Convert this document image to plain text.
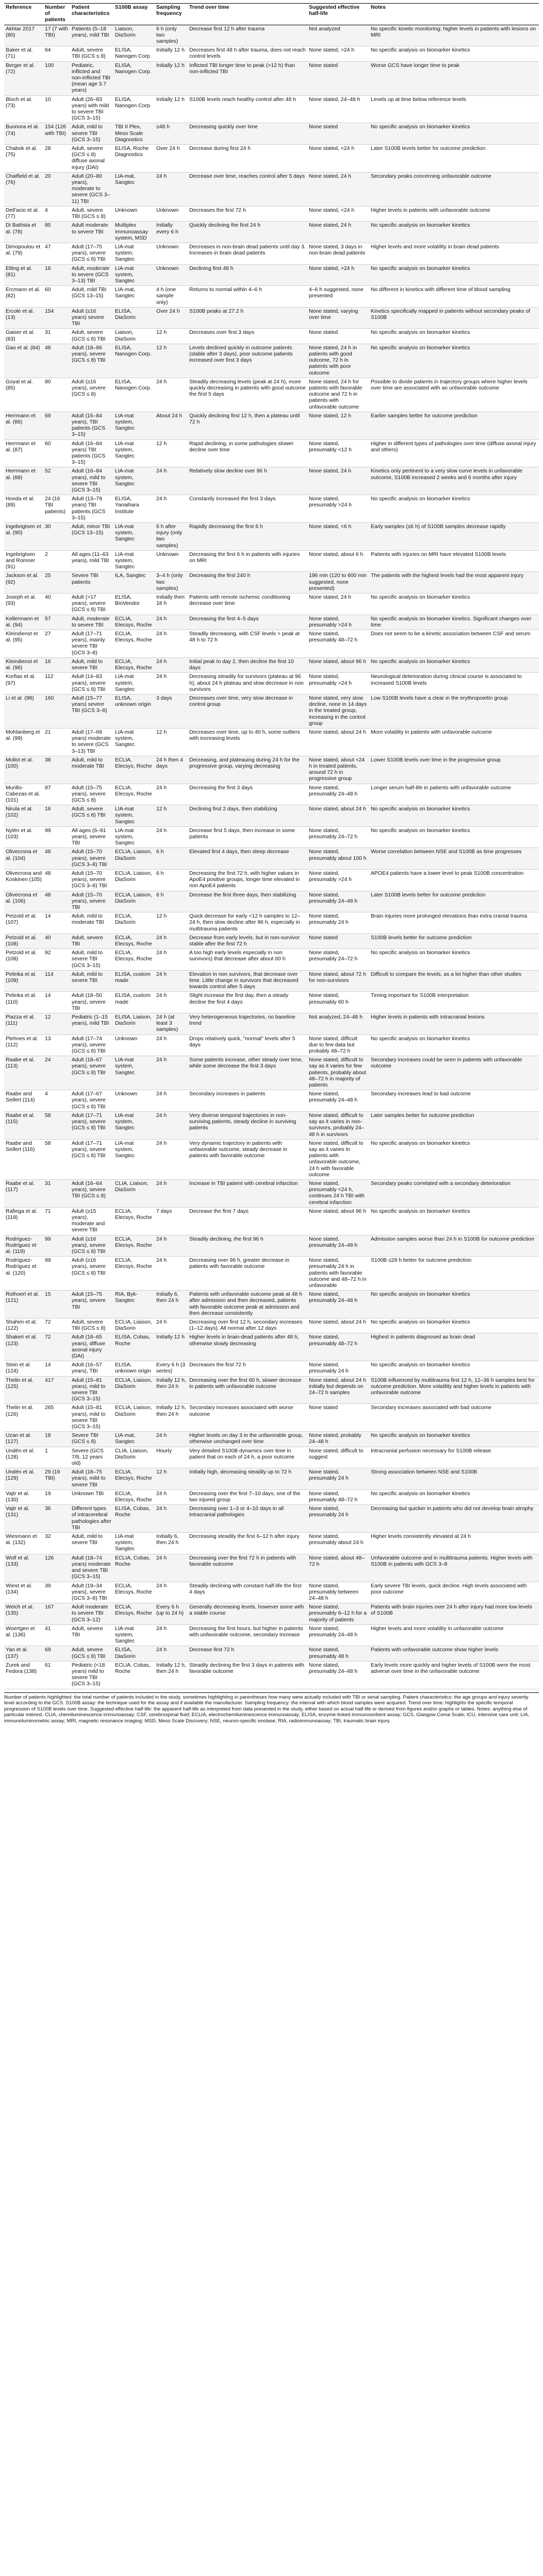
Reference	Number of patients	Patient characteristics	S100B assay	Sampling frequency	Trend over time	Suggested effective half-life	Notes
Akhtar 2017 (80)	17 (7 with TBI)	Patients (5–18 years), mild TBI	Liaison, DiaSorin	6 h (only two samples)	Decrease first 12 h after trauma	Not analyzed	No specific kinetic monitoring; higher levels in patients with lesions on MRI
Baker et al. (71)	64	Adult, severe TBI (GCS ≤ 8)	ELISA, Nanogen Corp.	Initially 12 h	Decreases first 48 h after trauma, does not reach control levels	None stated, >24 h	No specific analysis on biomarker kinetics
Berger et al. (72)	100	Pediatric, inflicted and non-inflicted TBI (mean age 3.7 years)	ELISA, Nanogen Corp.	Initially 12 h	Inflicted TBI longer time to peak (>12 h) than non-inflicted TBI	None stated	Worse GCS have longer time to peak
Bloch et al. (73)	10	Adult (26–83 years) with mild to severe TBI (GCS 3–15)	ELISA, Nanogen Corp.	Initially 12 h	S100B levels reach healthy control after 48 h	None stated, 24–48 h	Levels up at time below reference levels
Buonora et al. (74)	154 (126 with TBI)	Adult, mild to severe TBI (GCS 3–15)	TBI II Plex, Meso Scale Diagnostics	≥48 h	Decreasing quickly over time	None stated	No specific analysis on biomarker kinetics
Chabok et al. (75)	28	Adult, severe (GCS ≤ 8) diffuse axonal injury (DAI)	ELISA, Roche Diagnostics	Over 24 h	Decrease during first 24 h	None stated, <24 h	Later S100B levels better for outcome prediction
Chatfield et al. (76)	20	Adult (20–80 years), moderate to severe (GCS 3–11) TBI	LIA-mat, Sangtec	24 h	Decrease over time, reaches control after 5 days	None stated, 24 h	Secondary peaks concerning unfavorable outcome
Dell'acio et al. (77)	4	Adult, severe TBI (GCS ≤ 8)	Unknown	Unknown	Decreases the first 72 h	None stated, <24 h	Higher levels in patients with unfavorable outcome
Di Battista et al. (78)	85	Adult moderate to severe TBI	Multiplex immunoassay system, MSD	Initially every 6 h	Quickly declining the first 24 h	None stated, 24 h	No specific analysis on biomarker kinetics
Dimopoulou et al. (79)	47	Adult (17–75 years), severe (GCS ≤ 8) TBI	LIA-mat system, Sangtec	Unknown	Decreases in non-brain dead patients until day 3. Increases in brain dead patients	None stated, 3 days in non-brain dead patients	Higher levels and more volatility in brain dead patients
Elting et al. (81)	16	Adult, moderate to severe (GCS 3–13) TBI	LIA-mat system, Sangtec	Unknown	Declining first 48 h	None stated, >24 h	No specific analysis on biomarker kinetics
Ercmann et al. (82)	60	Adult, mild TBI (GCS 13–15)	LIA-mat, Sangtec	4 h (one sample only)	Returns to normal within 4–6 h	4–6 h suggested, none presented	No different in kinetics with different time of blood sampling
Ercole et al. (13)	154	Adult (≥16 years) severe TBI	ELISA, DiaSorin	Over 24 h	S100B peaks at 27.2 h	None stated, varying over time	Kinetics specifically mapped in patients without secondary peaks of S100B
Gaiser et al. (83)	31	Adult, severe (GCS ≤ 8) TBI	Liaison, DiaSorin	12 h	Decreases over first 3 days	None stated	No specific analysis on biomarker kinetics
Gao et al. (84)	48	Adult (18–86 years), severe (GCS ≤ 8) TBI	ELISA, Nanogen Corp.	12 h	Levels declined quickly in outcome patients (stable after 3 days), poor outcome patients increased over first 3 days	None stated, 24 h in patients with good outcome, 72 h in patients with poor outcome	No specific analysis on biomarker kinetics
Goyal et al. (85)	80	Adult (≥16 years), severe (GCS ≤ 8)	ELISA, Nanogen Corp.	24 h	Steadily decreasing levels (peak at 24 h), more quickly decreasing in patients with good outcome the first 5 days	None stated, 24 h for patients with favorable outcome and 72 h in patients with unfavorable outcome	Possible to divide patients in trajectory groups where higher levels over time are associated with an unfavorable outcome
Herrmann et al. (86)	69	Adult (16–84 years), TBI patients (GCS 3–15)	LIA-mat system, Sangtec	About 24 h	Quickly declining first 12 h, then a plateau until 72 h	None stated, 12 h	Earlier samples better for outcome prediction
Herrmann et al. (87)	60	Adult (16–84 years) TBI patients (GCS 3–15)	LIA-mat system, Sangtec	12 h	Rapid declining, in some pathologies slower decline over time	None stated, presumably <12 h	Higher in different types of pathologies over time (diffuse axonal injury and others)
Herrmann et al. (88)	52	Adult (16–84 years), mild to severe TBI (GCS 3–15)	LIA-mat system, Sangtec	24 h	Relatively slow decline over 96 h	None stated, 24 h	Kinetics only pertinent to a very slow curve levels in unfavorable outcome, S100B increased 2 weeks and 6 months after injury
Honda et al. (89)	24 (16 TBI patients)	Adult (13–79 years) TBI patients (GCS 3–15)	ELISA, Yanaihara Institute	24 h	Constantly increased the first 3 days	None stated, presumably >24 h	No specific analysis on biomarker kinetics
Ingebrigtsen et al. (90)	30	Adult, minor TBI (GCS 13–15)	LIA-mat system, Sangtec	6 h after injury (only two samples)	Rapidly decreasing the first 6 h	None stated, <6 h	Early samples (≤6 h) of S100B samples decrease rapidly
Ingebrigtsen and Romner (91)	2	All ages (11–63 years), mild TBI	LIA-mat system, Sangtec	Unknown	Decreasing the first 6 h in patients with injuries on MRI	None stated, about 6 h	Patients with injuries on MRI have elevated S100B levels
Jackson et al. (92)	25	Severe TBI patients	ILA, Sangtec	3–4 h (only two samples)	Decreasing the first 240 h	196 min (120 to 600 min suggested, none presented)	The patients with the highest levels had the most apparent injury
Joseph et al. (93)	40	Adult (>17 years), severe (GCS ≤ 8) TBI	ELISA, BioVendor	Initially then 18 h	Patients with remote ischemic conditioning decrease over time	None stated, 24 h	No specific analysis on biomarker kinetics
Kellermann et al. (94)	57	Adult, moderate to severe TBI	ECLIA, Elecsys, Roche	24 h	Decreasing the first 4–5 days	None stated, presumably >24 h	No specific analysis on biomarker kinetics. Significant changes over time
Kleindienst et al. (95)	27	Adult (17–71 years), mainly severe TBI (GCS 3–8)	ECLIA, Elecsys, Roche	24 h	Steadily decreasing, with CSF levels > peak at 48 h to 72 h	None stated, presumably 48–72 h	Does not seem to be a kinetic association between CSF and serum
Kleindienst et al. (96)	16	Adult, mild to severe TBI	ECLIA, Elecsys, Roche	24 h	Initial peak to day 2, then decline the first 10 days	None stated, about 96 h	No specific analysis on biomarker kinetics
Korfias et al. (97)	112	Adult (14–83 years), severe (GCS ≤ 8) TBI	LIA-mat system, Sangtec	24 h	Decreasing steadily for survivors (plateau at 96 h), about 24 h plateau and slow decrease in non survivors	None stated, presumably >24 h	Neurological deterioration during clinical course is associated to increased S100B levels
Li et al. (98)	160	Adult (15–77 years) severe TBI (GCS 3–8)	ELISA, unknown origin	3 days	Decreases over time, very slow decrease in control group	None stated, very slow decline, none in 14 days in the treated group, increasing in the control group	Low S100B levels have a clear in the erythropoietin group
Mohlanberg et al. (99)	21	Adult (17–69 years) moderate to severe (GCS 3–13) TBI	LIA-mat system, Sangtec	12 h	Decreases over time, up to 40 h, some outliers with increasing levels	None stated, about 24 h	More volatility in patients with unfavorable outcome
Mollot et al. (100)	38	Adult, mild to moderate TBI	ECLIA, Elecsys, Roche	24 h then 4 days	Decreasing, and plateauing during 24 h for the progressive group, varying decreasing	None stated, about <24 h in treated patients, around 72 h in progressive group	Lower S100B levels over time in the progressive group
Murillo-Cabezas et al. (101)	87	Adult (15–75 years), severe (GCS ≤ 8)	ECLIA, Elecsys, Roche	24 h	Decreasing the first 3 days	None stated, presumably 24–48 h	Longer serum half-life in patients with unfavorable outcome
Nirula et al. (102)	16	Adult, severe (GCS ≤ 8) TBI	LIA-mat system, Sangtec	12 h	Declining first 2 days, then stabilizing	None stated, about 24 h	No specific analysis on biomarker kinetics
Nylén et al. (103)	99	All ages (6–91 years), severe TBI	LIA-mat system, Sangtec	24 h	Decrease first 5 days, then increase in some patients	None stated, presumably 24–72 h	No specific analysis on biomarker kinetics
Olivecrona et al. (104)	48	Adult (15–70 years), severe (GCS 3–8) TBI	ECLIA, Liaison, DiaSorin	6 h	Elevated first 4 days, then steep decrease	None stated, presumably about 100 h	Worse correlation between NSE and S100B as time progresses
Olivecrona and Koskinen (105)	48	Adult (15–70 years), severe (GCS 3–8) TBI	ECLIA, Liaison, DiaSorin	6 h	Decreasing the first 72 h, with higher values in ApoE4 positive groups, longer time elevated in non ApoE4 patients	None stated, presumably >24 h	APOE4 patients have a lower level to peak S100B concentration
Olivecrona et al. (106)	48	Adult (15–70 years), severe TBI	ECLIA, Liaison, DiaSorin	6 h	Decrease the first three days, then stabilizing	None stated, presumably 24–48 h	Later S100B levels better for outcome prediction
Petzold et al. (107)	14	Adult, mild to moderate TBI	ECLIA, DiaSorin	12 h	Quick decrease for early <12 h samples to 12–24 h, then slow decline after 96 h, especially in multitrauma patients	None stated, presumably 24 h	Brain injuries more prolonged elevations than extra cranial trauma
Petzold et al. (108)	40	Adult, severe TBI	ECLIA, Elecsys, Roche	24 h	Decrease from early levels, but in non-survivor stable after the first 72 h	None stated	S100B levels better for outcome prediction
Petzold et al. (108)	92	Adult, mild to severe TBI (GCS 3–15)	ECLIA, Elecsys, Roche	24 h	A too high early levels especially in non survivors) that decrease after about 60 h	None stated, presumably 24–72 h	No specific analysis on biomarker kinetics
Pelinka et al. (109)	114	Adult, mild to severe TBI	ELISA, custom made	24 h	Elevation in non survivors, that decrease over time. Little change in survivors that decreased towards control after 5 days	None stated, about 72 h for non-survivors	Difficult to compare the levels, as a lot higher than other studies
Pelinka et al. (110)	14	Adult (18–50 years), severe TBI	ELISA, custom made	24 h	Slight increase the first day, then a steady decline the first 4 days	None stated, presumably 60 h	Timing important for S100B interpretation
Piazza et al. (111)	12	Pediatric (1–15 years), mild TBI	ELISA, Liaison, DiaSorin	24 h (at least 3 samples)	Very heterogeneous trajectories, no baseline trend	Not analyzed, 24–48 h	Higher levels in patients with intracranial lesions
Plehnes et al. (112)	13	Adult (17–74 years), severe (GCS ≤ 8) TBI	Unknown	24 h	Drops relatively quick, "normal" levels after 5 days	None stated, difficult due to few data but probably 48–72 h	No specific analysis on biomarker kinetics
Raabe et al. (113)	24	Adult (18–67 years), severe (GCS ≤ 8) TBI	LIA-mat system, Sangtec	24 h	Some patients increase, other steady over time, while some decrease the first 3 days	None stated, difficult to say as it varies for few patients, probably about 48–72 h in majority of patients	Secondary increases could be seen in patients with unfavorable outcome
Raabe and Seifert (114)	4	Adult (17–67 years), severe (GCS ≤ 8) TBI	Unknown	24 h	Secondary increases in patients	None stated, presumably 24–48 h	Secondary increases lead to bad outcome
Raabe et al. (115)	58	Adult (17–71 years), severe (GCS ≤ 8) TBI	LIA-mat system, Sangtec	24 h	Very diverse temporal trajectories in non-surviving patients, steady decline in surviving patients	None stated, difficult to say as it varies in non-survivors, probably 24–48 h in survivors	Later samples better for outcome prediction
Raabe and Seifert (116)	58	Adult (17–71 years), severe (GCS ≤ 8) TBI	LIA-mat system, Sangtec	24 h	Very dynamic trajectory in patients with unfavorable outcome, steady decrease in patients with favorable outcome	None stated, difficult to say as it varies in patients with unfavorable outcome, 24 h with favorable outcome	No specific analysis on biomarker kinetics
Raabe et al. (117)	31	Adult (16–64 years), severe TBI (GCS ≤ 8)	CLIA, Liaison, DiaSorin	24 h	Increase in TBI patient with cerebral infarction	None stated, presumably <24 h, continues 24 h TBI with cerebral infarction	Secondary peaks correlated with a secondary deterioration
Rafiega et al. (118)	71	Adult (≥15 years), moderate and severe TBI	ECLIA, Elecsys, Roche	7 days	Decrease the first 7 days	None stated, about 96 h	No specific analysis on biomarker kinetics
Rodríguez-Rodríguez et al. (119)	99	Adult (≥16 years), severe (GCS ≤ 8) TBI	ECLIA, Elecsys, Roche	24 h	Steadily declining, the first 96 h	None stated, presumably 24–48 h	Admission samples worse than 24 h in S100B for outcome prediction
Rodríguez-Rodríguez et al. (120)	99	Adult (≥16 years), severe (GCS ≤ 8) TBI	ECLIA, Elecsys, Roche	24 h	Decreasing over 96 h, greater decrease in patients with favorable outcome	None stated, presumably 24 h in patients with favorable outcome and 48–72 h in unfavorable	S100B ≤28 h better for outcome prediction
Rothoerl et al. (121)	15	Adult (15–75 years), severe TBI	RIA, Byk-Sangtec	Initially 6, then 24 h	Patients with unfavorable outcome peak at 48 h after admission and then decreased, patients with favorable outcome peak at admission and then decrease consistently	None stated, presumably 24–48 h	No specific analysis on biomarker kinetics
Shahim et al. (122)	72	Adult, severe TBI (GCS ≤ 8)	ECLIA, Liaison, DiaSorin	24 h	Decreasing over first 12 h, secondary increases (1–12 days). All normal after 12 days	None stated, about 24 h	No specific analysis on biomarker kinetics
Shakeri et al. (123)	72	Adult (18–65 years), diffuse axonal injury (DAI)	ELISA, Cobas, Roche	Initially 12 h	Higher levels in brain-dead patients after 48 h, otherwise slowly decreasing	None stated, presumably 48–72 h	Highest in patients diagnosed as brain dead
Stein et al. (124)	14	Adult (16–57 years), TBI	ELISA, unknown origin	Every 6 h (3 series)	Decreases the first 72 h	None stated, presumably 24 h	No specific analysis on biomarker kinetics
Thelin et al. (125)	417	Adult (15–81 years), mild to severe TBI (GCS 3–15)	ECLIA, Liaison, DiaSorin	Initially 12 h, then 24 h	Decreasing over the first 60 h, slower decrease in patients with unfavorable outcome	None stated, about 24 h initially but depends on 24–72 h samples	S100B influenced by multitrauma first 12 h, 12–36 h samples best for outcome prediction. More volatility and higher levels in patients with unfavorable outcome
Thelin et al. (126)	265	Adult (15–81 years), mild to severe TBI (GCS 3–15)	ECLIA, Liaison, DiaSorin	Initially 12 h, then 24 h	Secondary increases associated with worse outcome	None stated	Secondary increases associated with bad outcome
Uzan et al. (127)	18	Severe TBI (GCS ≤ 8)	LIA-mat, Sangtec	24 h	Higher levels on day 3 in the unfavorable group, otherwise unchanged over time	None stated, probably 24–48 h	No specific analysis on biomarker kinetics
Undén et al. (128)	1	Severe (GCS 7/8, 12 years old)	CLIA, Liaison, DiaSorin	Hourly	Very detailed S100B dynamics over time in patient that on each of 24 h, a poor outcome	None stated, difficult to suggest	Intracranial perfusion necessary for S100B release
Undén et al. (129)	29 (19 TBI)	Adult (18–75 years), mild to severe TBI	ECLIA, Elecsys, Roche	12 h	Initially high, decreasing steadily up to 72 h	None stated, presumably 24 h	Strong association between NSE and S100B
Vajtr et al. (130)	19	Unknown TBI	ECLIA, Elecsys, Roche	24 h	Decreasing over the first 7–10 days, one of the two injured group	None stated, presumably 48–72 h	No specific analysis on biomarker kinetics
Vajtr et al. (131)	36	Different types of intracerebral pathologies after TBI	ELISA, Cobas, Roche	24 h	Decreasing over 1–3 or 4–10 days in all intracranial pathologies	None stated, presumably 24 h	Decreasing but quicker in patients who did not develop brain atrophy
Wiesmann et al. (132)	32	Adult, mild to severe TBI	LIA-mat system, Sangtec	Initially 6, then 24 h	Decreasing steadily the first 6–12 h after injury	None stated, presumably about 24 h	Higher levels consistently elevated at 24 h
Wolf et al. (133)	126	Adult (18–74 years) moderate and severe TBI (GCS 3–15)	ECLIA, Cobas, Roche	24 h	Decreasing over the first 72 h in patients with favorable outcome	None stated, about 48–72 h	Unfavorable outcome and in multitrauma patients. Higher levels with S100B in patients with GCS 3–8
Wiest et al. (134)	39	Adult (19–34 years), severe (GCS 3–8) TBI	ECLIA, Elecsys, Roche	24 h	Steadily declining with constant half-life the first 4 days	None stated, presumably between 24–48 h	Early severe TBI levels, quick decline. High levels associated with poor outcome
Welch et al. (135)	167	Adult moderate to severe TBI (GCS 3–12)	ECLIA, Elecsys, Roche	Every 6 h (up to 24 h)	Generally decreasing levels, however some with a stable course	None stated, presumably 6–12 h for a majority of patients	Patients with brain injuries over 24 h after injury had more low levels of S100B
Woertgen et al. (136)	41	Adult, severe TBI	LIA-mat system, Sangtec	24 h	Decreasing the first hours, but higher in patients with unfavorable outcome, secondary increase	None stated, presumably 24–48 h	Higher levels and more volatility in unfavorable outcome
Yan et al. (137)	69	Adult, severe (GCS ≤ 8) TBI	ELISA, DiaSorin	24 h	Decrease first 72 h	None stated, presumably 48 h	Patients with unfavorable outcome show higher levels
Zurek and Fedora (138)	61	Pediatric (<18 years) mild to severe TBI (GCS 3–15)	ECLIA, Cobas, Roche	Initially 12 h, then 24 h	Steadily declining the first 3 days in patients with favorable outcome	None stated, presumably 24–48 h	Early levels more quickly and higher levels of S100B were the most adverse over time in the unfavorable outcome
Number of patients highlighted: the total number of patients included in the study, sometimes highlighting in parentheses how many were actually included with TBI or serial sampling. Patient characteristics: the age groups and injury severity level according to the GCS. S100B assay: the technique used for the assay and if available the manufacturer. Sampling frequency: the interval with which blood samples were acquired. Trend over time: highlights the specific temporal progression of S100B levels over time. Suggested effective half-life: the apparent half-life as interpreted from data presented in the study, either based on actual half-life or derived from figures and/or graphs or tables. Notes: anything else of particular interest. CLIA, chemiluminescence immunoassay; CSF, cerebrospinal fluid; ECLIA, electrochemiluminescence immunoassay; ELISA, enzyme-linked immunosorbent assay; GCS, Glasgow Coma Scale; ICU, intensive care unit; LIA, immunoluminometric assay; MRI, magnetic resonance imaging; MSD, Meso Scale Discovery; NSE, neuron-specific enolase; RIA, radioimmunoassay; TBI, traumatic brain injury.
